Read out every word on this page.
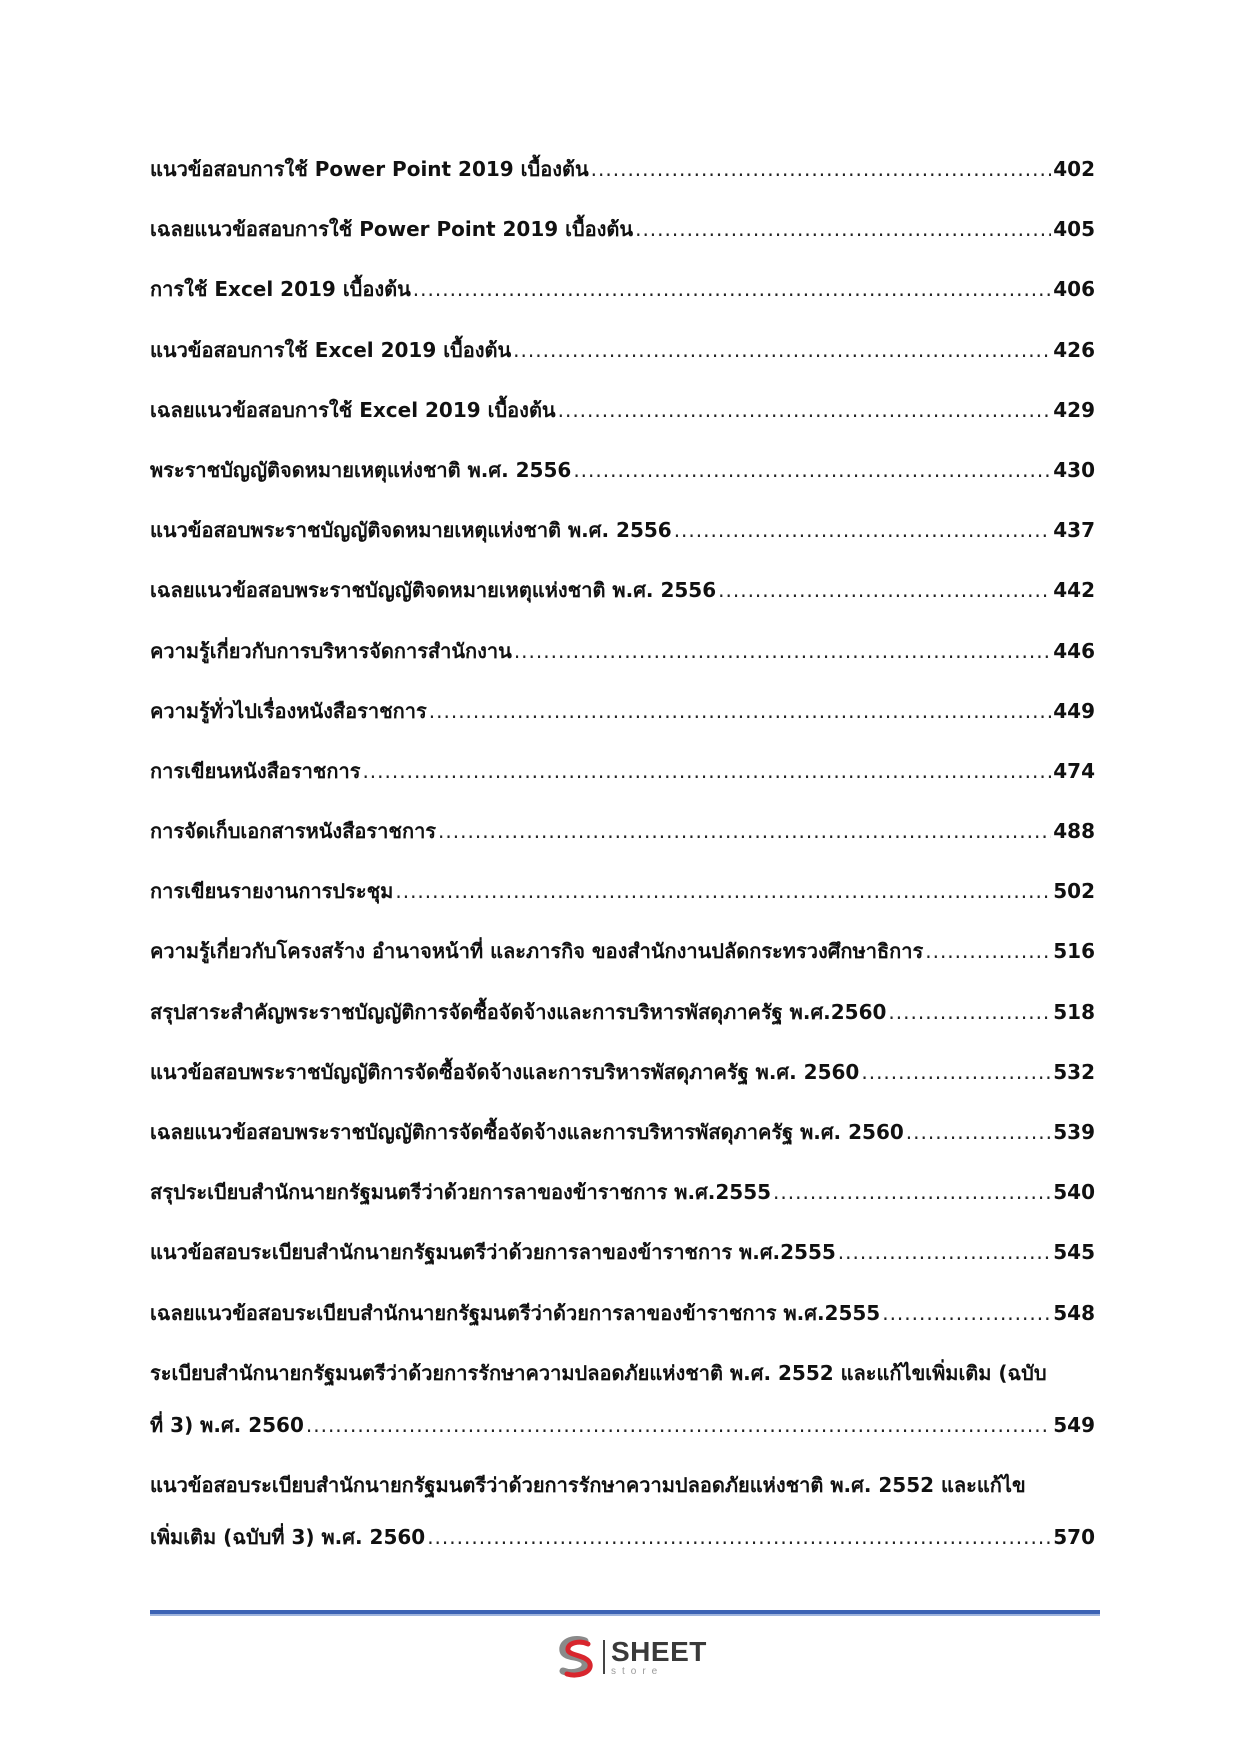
แนวข้อสอบการใช้ Power Point 2019 เบื้องต้น .....	402
เฉลยแนวข้อสอบการใช้ Power Point 2019 เบื้องต้น .....	405
การใช้ Excel 2019 เบื้องต้น .....	406
แนวข้อสอบการใช้ Excel 2019 เบื้องต้น .....	426
เฉลยแนวข้อสอบการใช้ Excel 2019 เบื้องต้น .....	429
พระราชบัญญัติจดหมายเหตุแห่งชาติ พ.ศ. 2556 .....	430
แนวข้อสอบพระราชบัญญัติจดหมายเหตุแห่งชาติ พ.ศ. 2556 .....	437
เฉลยแนวข้อสอบพระราชบัญญัติจดหมายเหตุแห่งชาติ พ.ศ. 2556 .....	442
ความรู้เกี่ยวกับการบริหารจัดการสำนักงาน .....	446
ความรู้ทั่วไปเรื่องหนังสือราชการ .....	449
การเขียนหนังสือราชการ .....	474
การจัดเก็บเอกสารหนังสือราชการ .....	488
การเขียนรายงานการประชุม .....	502
ความรู้เกี่ยวกับโครงสร้าง อำนาจหน้าที่ และภารกิจ ของสำนักงานปลัดกระทรวงศึกษาธิการ .....	516
สรุปสาระสำคัญพระราชบัญญัติการจัดซื้อจัดจ้างและการบริหารพัสดุภาครัฐ พ.ศ.2560 .....	518
แนวข้อสอบพระราชบัญญัติการจัดซื้อจัดจ้างและการบริหารพัสดุภาครัฐ พ.ศ. 2560 .....	532
เฉลยแนวข้อสอบพระราชบัญญัติการจัดซื้อจัดจ้างและการบริหารพัสดุภาครัฐ พ.ศ. 2560 .....	539
สรุประเบียบสำนักนายกรัฐมนตรีว่าด้วยการลาของข้าราชการ พ.ศ.2555 .....	540
แนวข้อสอบระเบียบสำนักนายกรัฐมนตรีว่าด้วยการลาของข้าราชการ พ.ศ.2555 .....	545
เฉลยแนวข้อสอบระเบียบสำนักนายกรัฐมนตรีว่าด้วยการลาของข้าราชการ พ.ศ.2555 .....	548
ระเบียบสำนักนายกรัฐมนตรีว่าด้วยการรักษาความปลอดภัยแห่งชาติ พ.ศ. 2552 และแก้ไขเพิ่มเติม (ฉบับ
ที่ 3) พ.ศ. 2560 .....	549
แนวข้อสอบระเบียบสำนักนายกรัฐมนตรีว่าด้วยการรักษาความปลอดภัยแห่งชาติ พ.ศ. 2552 และแก้ไข
เพิ่มเติม (ฉบับที่ 3) พ.ศ. 2560 .....	570
SHEET
store
